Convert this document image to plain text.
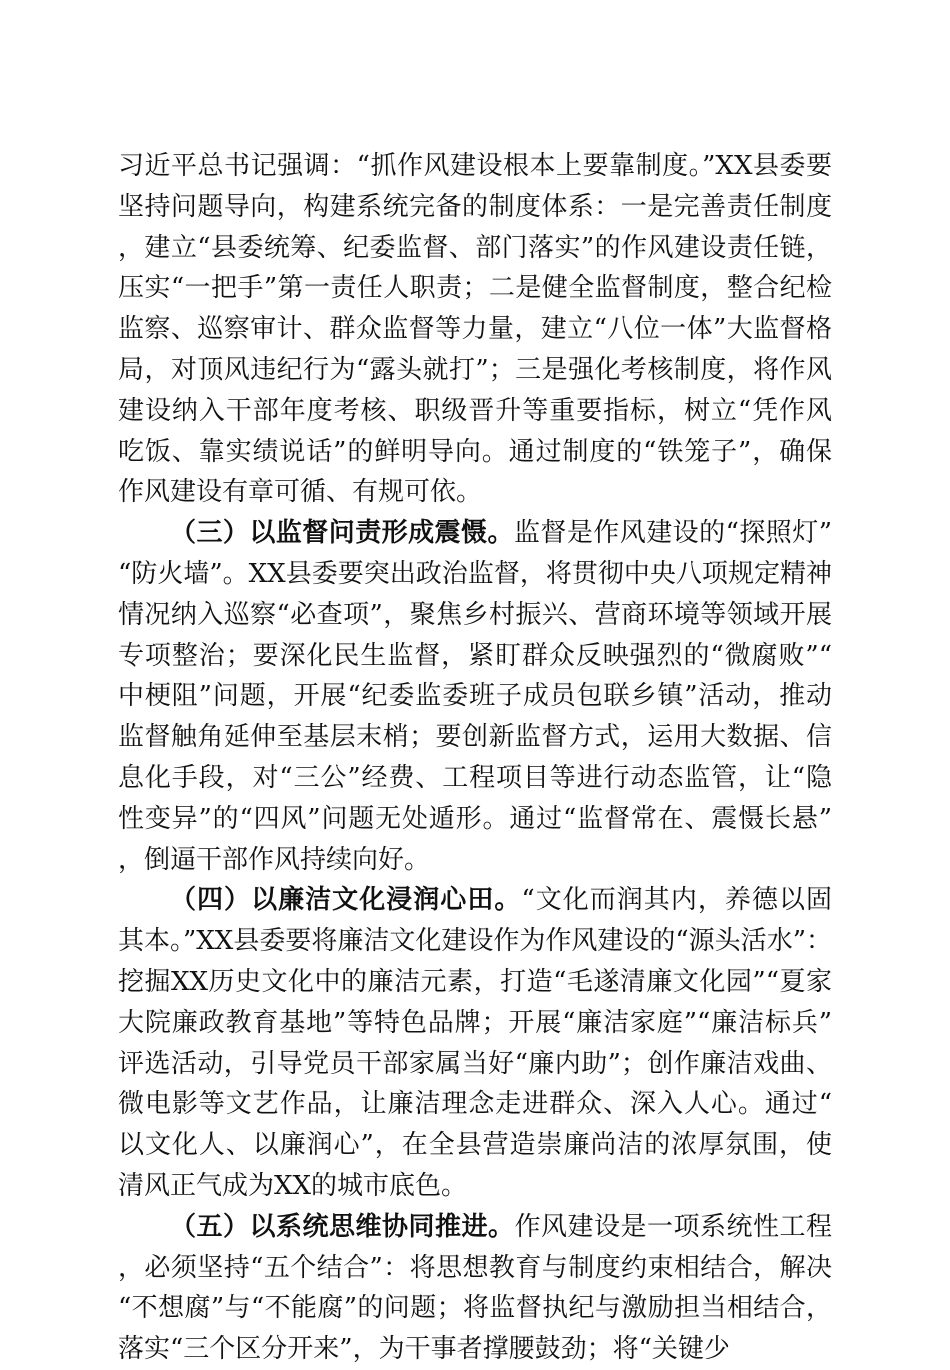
习近平总书记强调：“抓作风建设根本上要靠制度。”XX县委要坚持问题导向，构建系统完备的制度体系：一是完善责任制度，建立“县委统筹、纪委监督、部门落实”的作风建设责任链，压实“一把手”第一责任人职责；二是健全监督制度，整合纪检监察、巡察审计、群众监督等力量，建立“八位一体”大监督格局，对顶风违纪行为“露头就打”；三是强化考核制度，将作风建设纳入干部年度考核、职级晋升等重要指标，树立“凭作风吃饭、靠实绩说话”的鲜明导向。通过制度的“铁笼子”，确保作风建设有章可循、有规可依。

（三）以监督问责形成震慑。监督是作风建设的“探照灯”“防火墙”。XX县委要突出政治监督，将贯彻中央八项规定精神情况纳入巡察“必查项”，聚焦乡村振兴、营商环境等领域开展专项整治；要深化民生监督，紧盯群众反映强烈的“微腐败”“中梗阻”问题，开展“纪委监委班子成员包联乡镇”活动，推动监督触角延伸至基层末梢；要创新监督方式，运用大数据、信息化手段，对“三公”经费、工程项目等进行动态监管，让“隐性变异”的“四风”问题无处遁形。通过“监督常在、震慑长悬”，倒逼干部作风持续向好。

（四）以廉洁文化浸润心田。“文化而润其内，养德以固其本。”XX县委要将廉洁文化建设作为作风建设的“源头活水”：挖掘XX历史文化中的廉洁元素，打造“毛遂清廉文化园”“夏家大院廉政教育基地”等特色品牌；开展“廉洁家庭”“廉洁标兵”评选活动，引导党员干部家属当好“廉内助”；创作廉洁戏曲、微电影等文艺作品，让廉洁理念走进群众、深入人心。通过“以文化人、以廉润心”，在全县营造崇廉尚洁的浓厚氛围，使清风正气成为XX的城市底色。

（五）以系统思维协同推进。作风建设是一项系统性工程，必须坚持“五个结合”：将思想教育与制度约束相结合，解决“不想腐”与“不能腐”的问题；将监督执纪与激励担当相结合，落实“三个区分开来”，为干事者撑腰鼓劲；将“关键少
